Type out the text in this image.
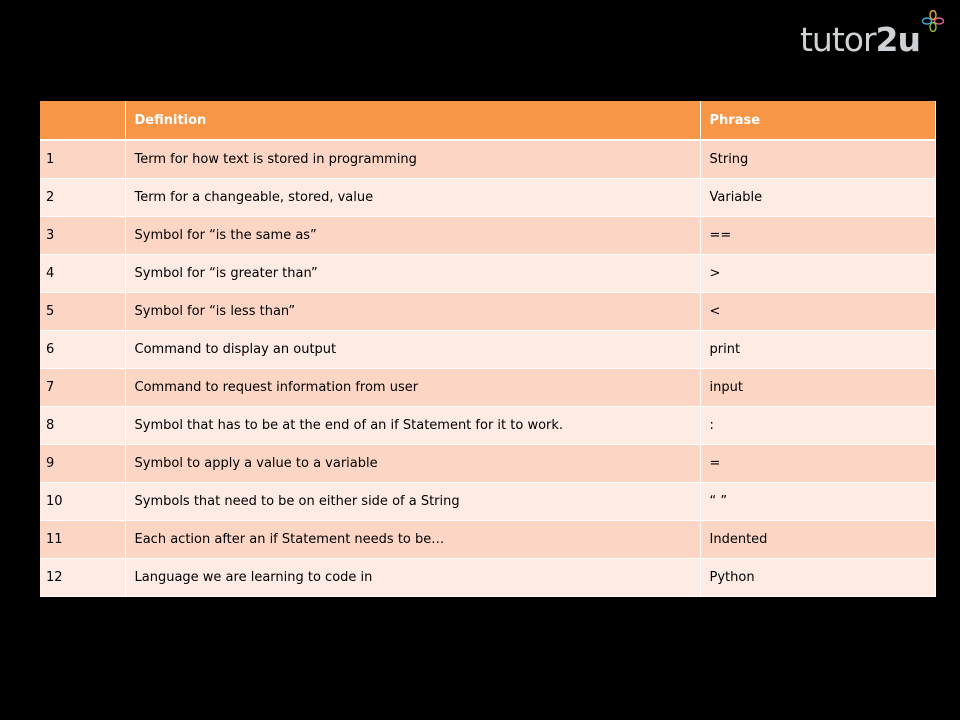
tutor2u
	Definition	Phrase
1	Term for how text is stored in programming	String
2	Term for a changeable, stored, value	Variable
3	Symbol for “is the same as”	==
4	Symbol for “is greater than”	>
5	Symbol for “is less than”	<
6	Command to display an output	print
7	Command to request information from user	input
8	Symbol that has to be at the end of an if Statement for it to work.	:
9	Symbol to apply a value to a variable	=
10	Symbols that need to be on either side of a String	“ ”
11	Each action after an if Statement needs to be…	Indented
12	Language we are learning to code in	Python
